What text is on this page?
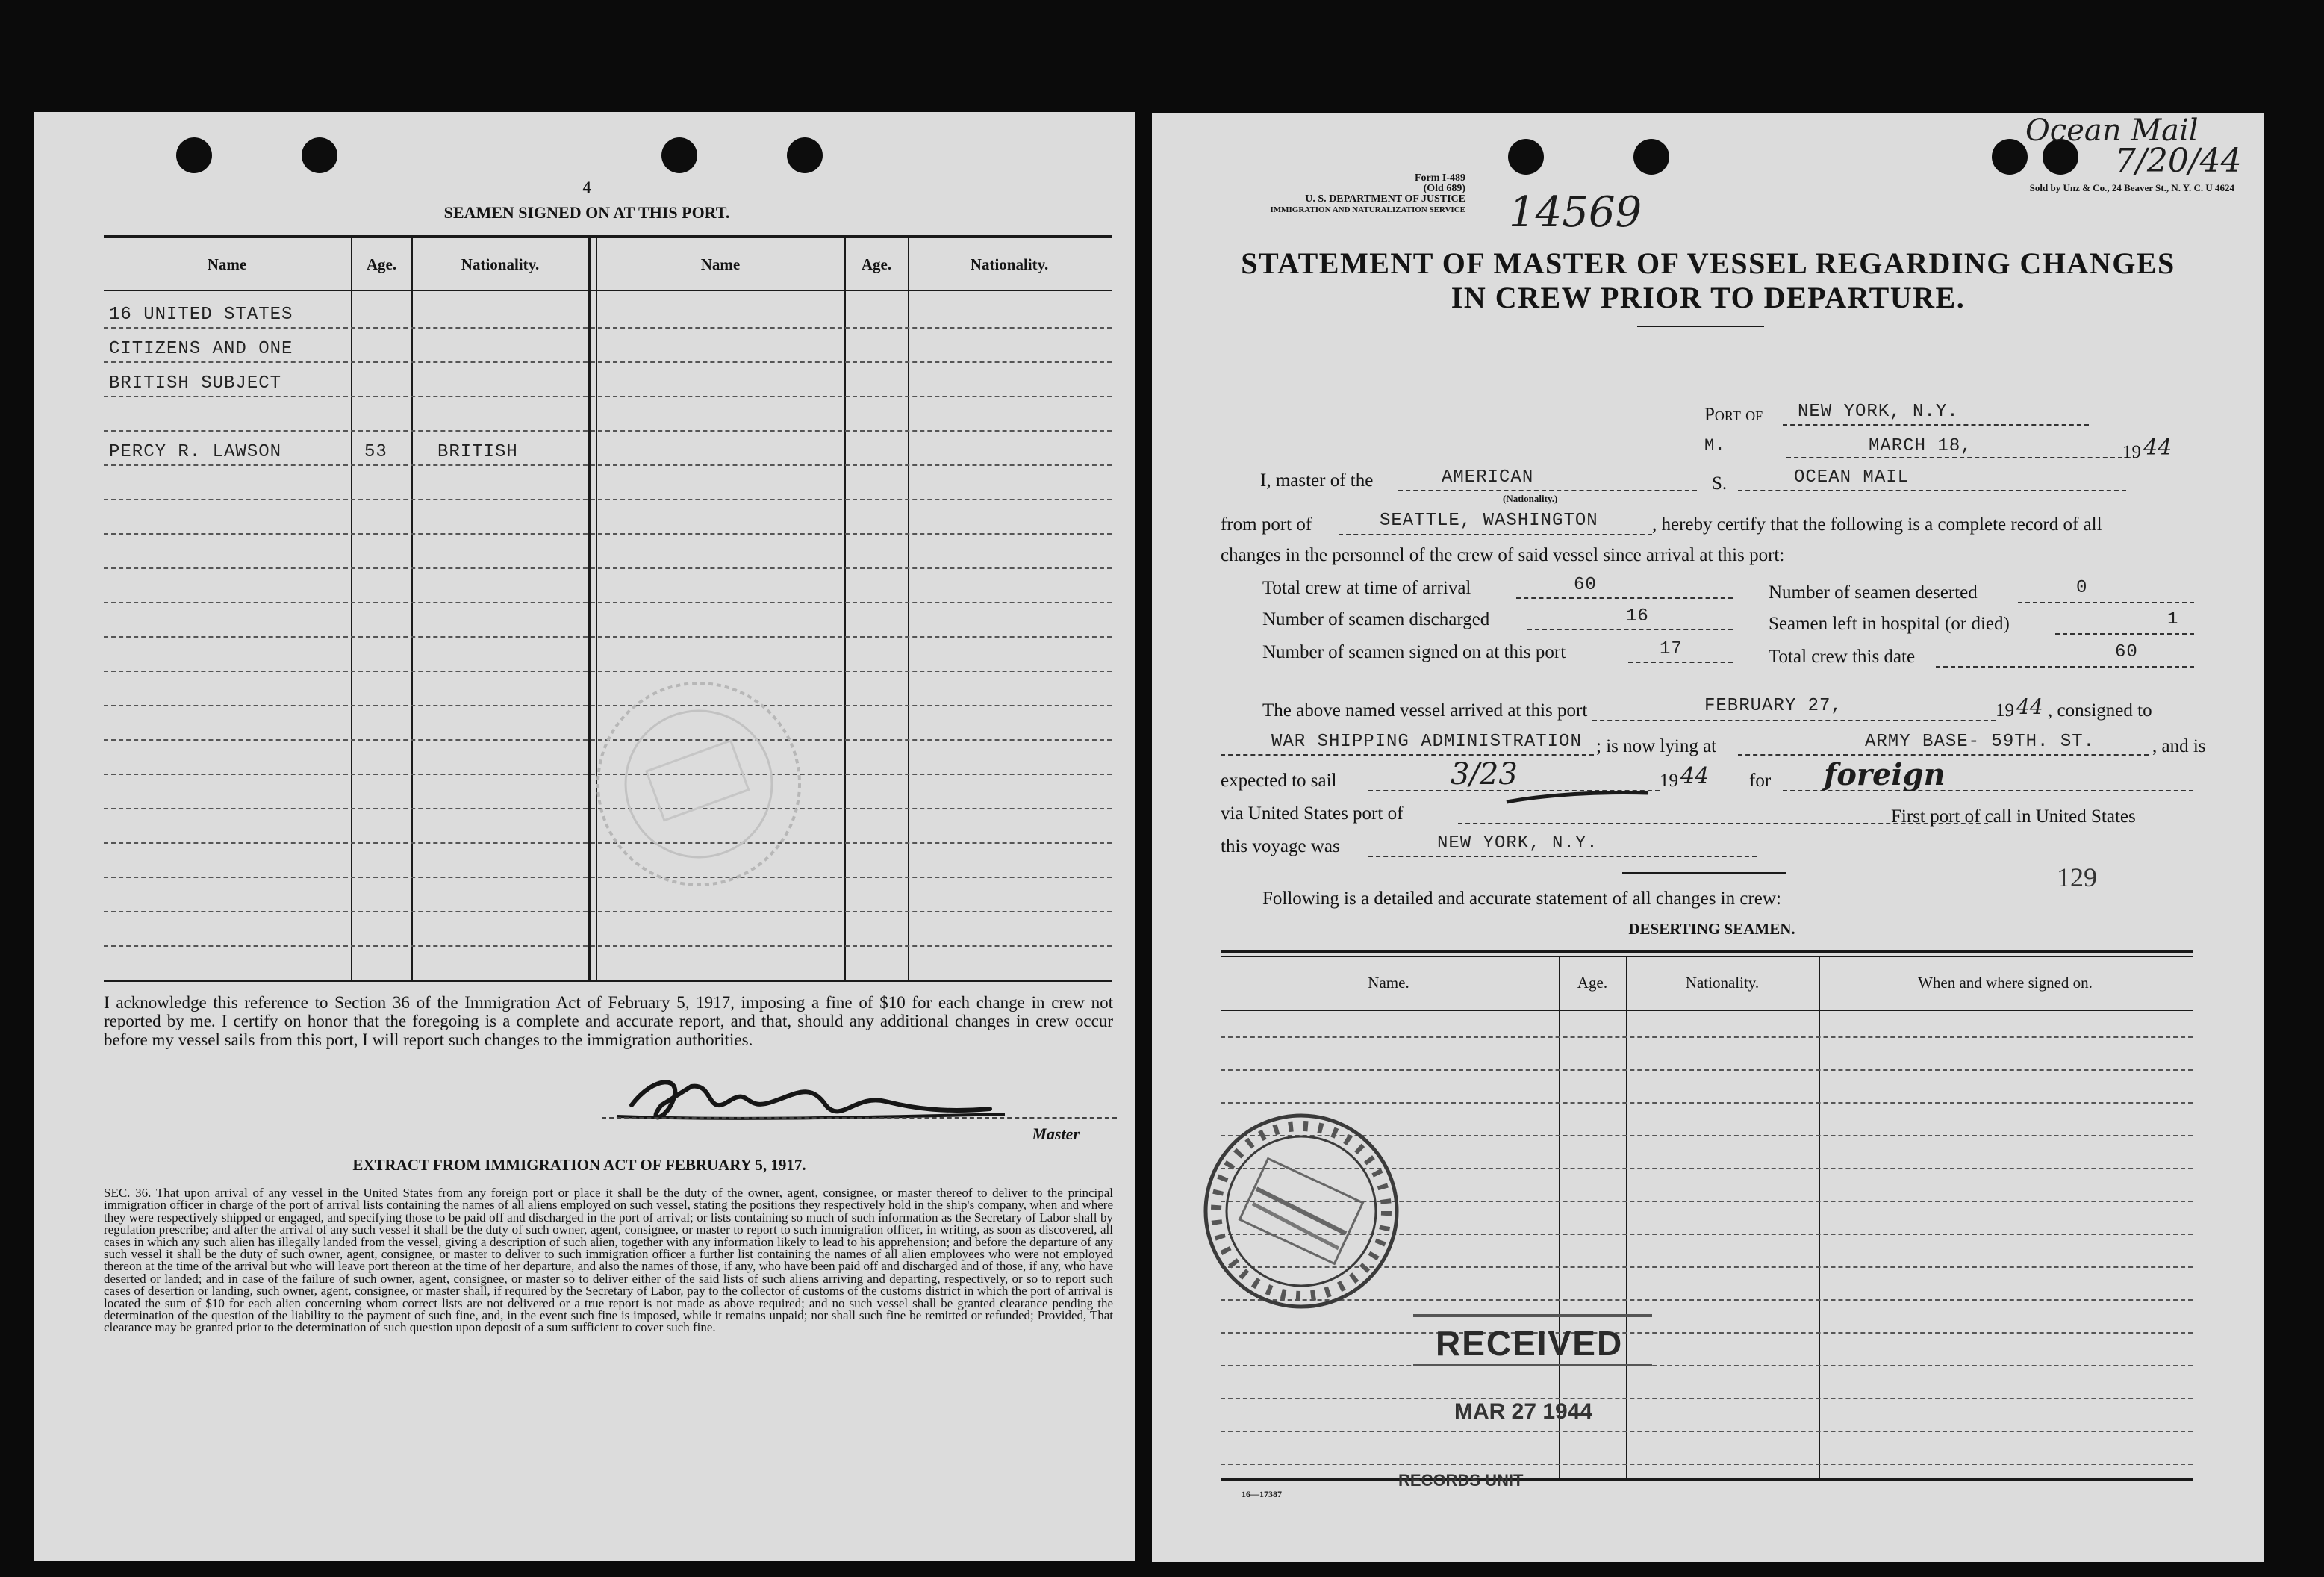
4
SEAMEN SIGNED ON AT THIS PORT.
Name	Age.	Nationality.	Name	Age.	Nationality.
16 UNITED STATES
CITIZENS AND ONE
BRITISH SUBJECT
PERCY R. LAWSON	53	BRITISH
I acknowledge this reference to Section 36 of the Immigration Act of February 5, 1917, imposing a fine of $10 for each change in crew not reported by me. I certify on honor that the foregoing is a complete and accurate report, and that, should any additional changes in crew occur before my vessel sails from this port, I will report such changes to the immigration authorities.
Master
EXTRACT FROM IMMIGRATION ACT OF FEBRUARY 5, 1917.
SEC. 36. That upon arrival of any vessel in the United States from any foreign port or place it shall be the duty of the owner, agent, consignee, or master thereof to deliver to the principal immigration officer in charge of the port of arrival lists containing the names of all aliens employed on such vessel, stating the positions they respectively hold in the ship's company, when and where they were respectively shipped or engaged, and specifying those to be paid off and discharged in the port of arrival; or lists containing so much of such information as the Secretary of Labor shall by regulation prescribe; and after the arrival of any such vessel it shall be the duty of such owner, agent, consignee, or master to report to such immigration officer, in writing, as soon as discovered, all cases in which any such alien has illegally landed from the vessel, giving a description of such alien, together with any information likely to lead to his apprehension; and before the departure of any such vessel it shall be the duty of such owner, agent, consignee, or master to deliver to such immigration officer a further list containing the names of all alien employees who were not employed thereon at the time of the arrival but who will leave port thereon at the time of her departure, and also the names of those, if any, who have been paid off and discharged and of those, if any, who have deserted or landed; and in case of the failure of such owner, agent, consignee, or master so to deliver either of the said lists of such aliens arriving and departing, respectively, or so to report such cases of desertion or landing, such owner, agent, consignee, or master shall, if required by the Secretary of Labor, pay to the collector of customs of the customs district in which the port of arrival is located the sum of $10 for each alien concerning whom correct lists are not delivered or a true report is not made as above required; and no such vessel shall be granted clearance pending the determination of the question of the liability to the payment of such fine, and, in the event such fine is imposed, while it remains unpaid; nor shall such fine be remitted or refunded; Provided, That clearance may be granted prior to the determination of such question upon deposit of a sum sufficient to cover such fine.
Form I-489
(Old 689)
U. S. DEPARTMENT OF JUSTICE
IMMIGRATION AND NATURALIZATION SERVICE 14569
Sold by Unz & Co., 24 Beaver St., N. Y. C. U 4624
Ocean Mail
7/20/44
STATEMENT OF MASTER OF VESSEL REGARDING CHANGES
IN CREW PRIOR TO DEPARTURE.
Port of NEW YORK, N.Y.
M.	MARCH 18,	19 44
I, master of the	AMERICAN
(Nationality.)
S.	OCEAN MAIL
from port of	SEATTLE, WASHINGTON	, hereby certify that the following is a complete record of all
changes in the personnel of the crew of said vessel since arrival at this port:
Total crew at time of arrival	60
Number of seamen discharged	16
Number of seamen signed on at this port	17
Number of seamen deserted	0
Seamen left in hospital (or died)	1
Total crew this date	60
The above named vessel arrived at this port	FEBRUARY 27,	19 44 , consigned to
WAR SHIPPING ADMINISTRATION ; is now lying at	ARMY BASE- 59TH. ST.	, and is
expected to sail	3/23	19 44 for foreign
via United States port of	First port of call in United States
this voyage was	NEW YORK, N.Y.
129
Following is a detailed and accurate statement of all changes in crew:
DESERTING SEAMEN.
Name.	Age.	Nationality.	When and where signed on.
RECEIVED
MAR 27 1944
RECORDS UNIT
16—17387
